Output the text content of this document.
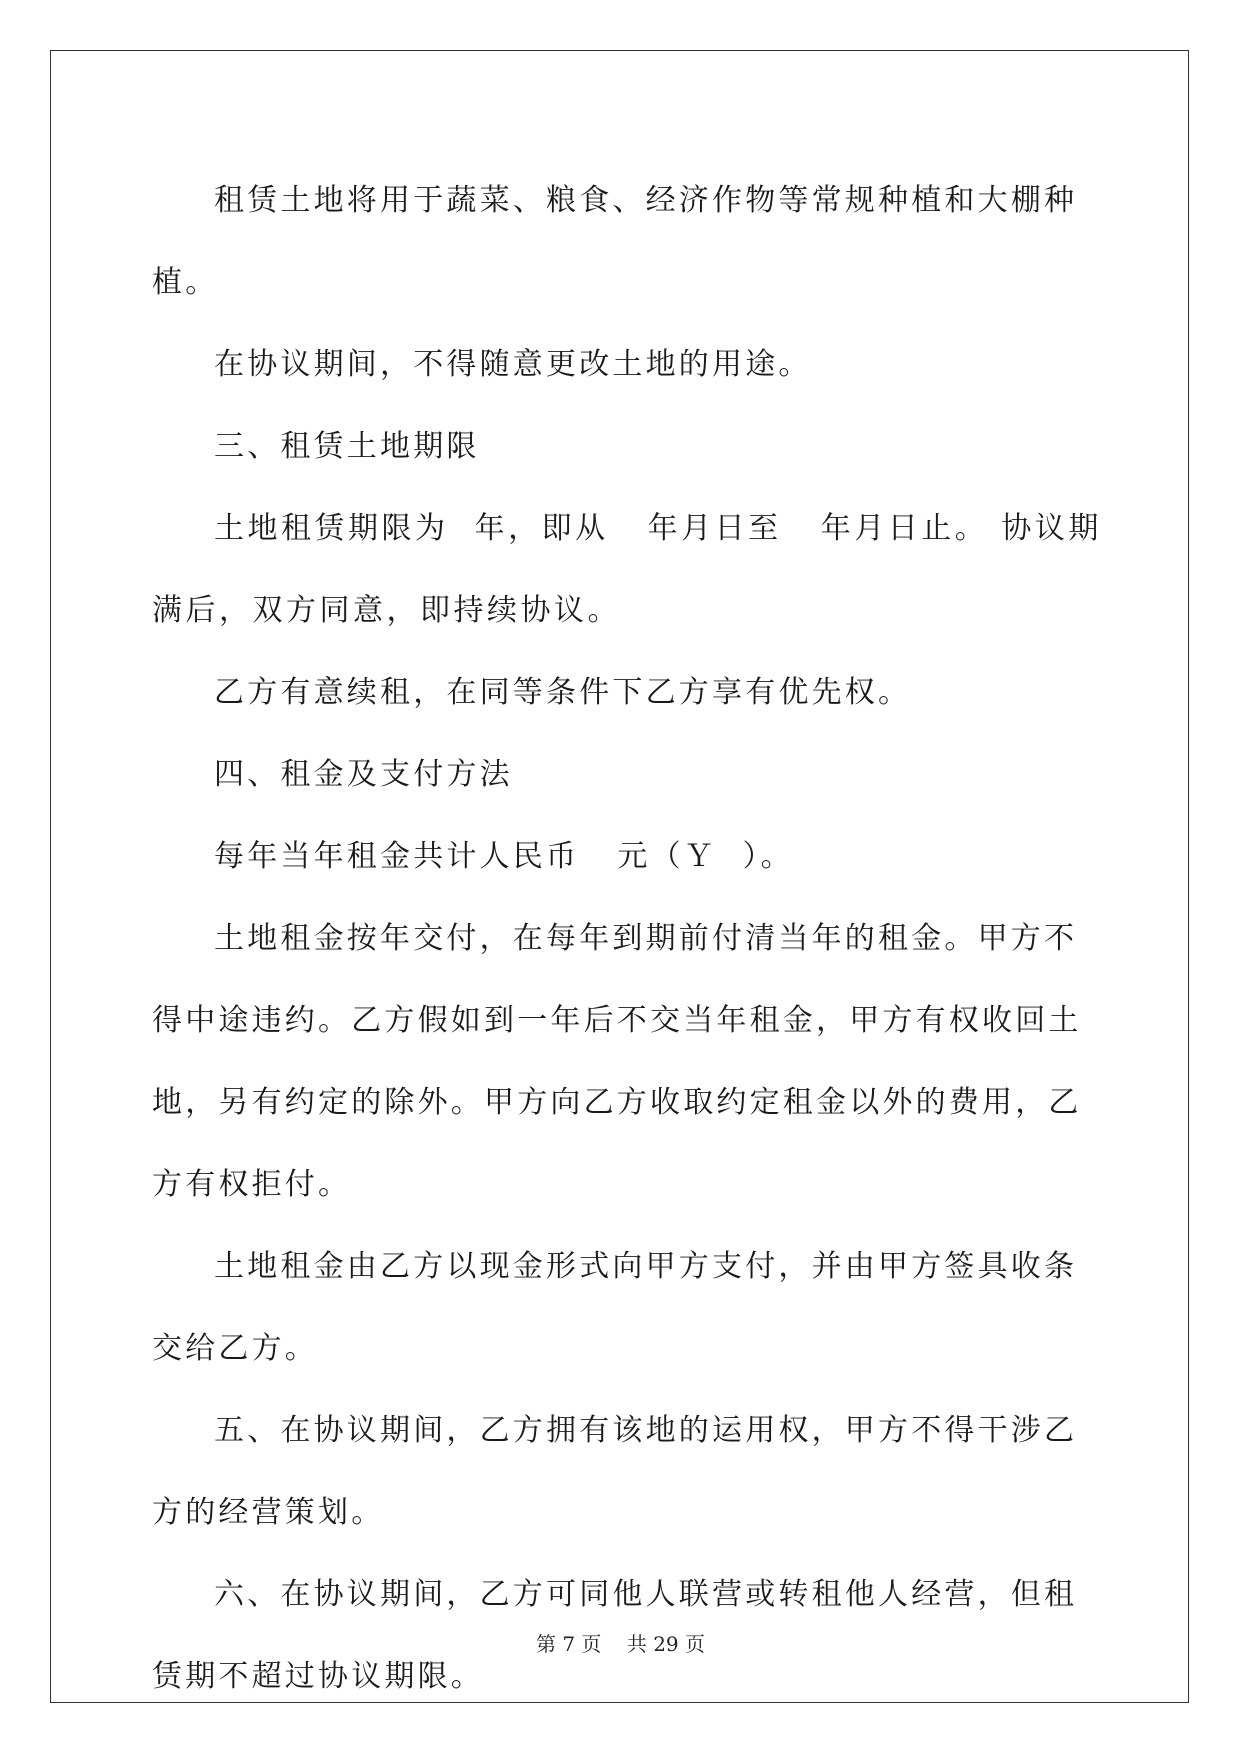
租赁土地将用于蔬菜、粮食、经济作物等常规种植和大棚种植。

在协议期间，不得随意更改土地的用途。

三、租赁土地期限

土地租赁期限为  年，即从   年月日至   年月日止。 协议期满后，双方同意，即持续协议。

乙方有意续租，在同等条件下乙方享有优先权。

四、租金及支付方法

每年当年租金共计人民币   元（Ｙ  ）。

土地租金按年交付，在每年到期前付清当年的租金。甲方不得中途违约。乙方假如到一年后不交当年租金，甲方有权收回土地，另有约定的除外。甲方向乙方收取约定租金以外的费用，乙方有权拒付。

土地租金由乙方以现金形式向甲方支付，并由甲方签具收条交给乙方。

五、在协议期间，乙方拥有该地的运用权，甲方不得干涉乙方的经营策划。

六、在协议期间，乙方可同他人联营或转租他人经营，但租赁期不超过协议期限。

第 7 页    共 29 页
